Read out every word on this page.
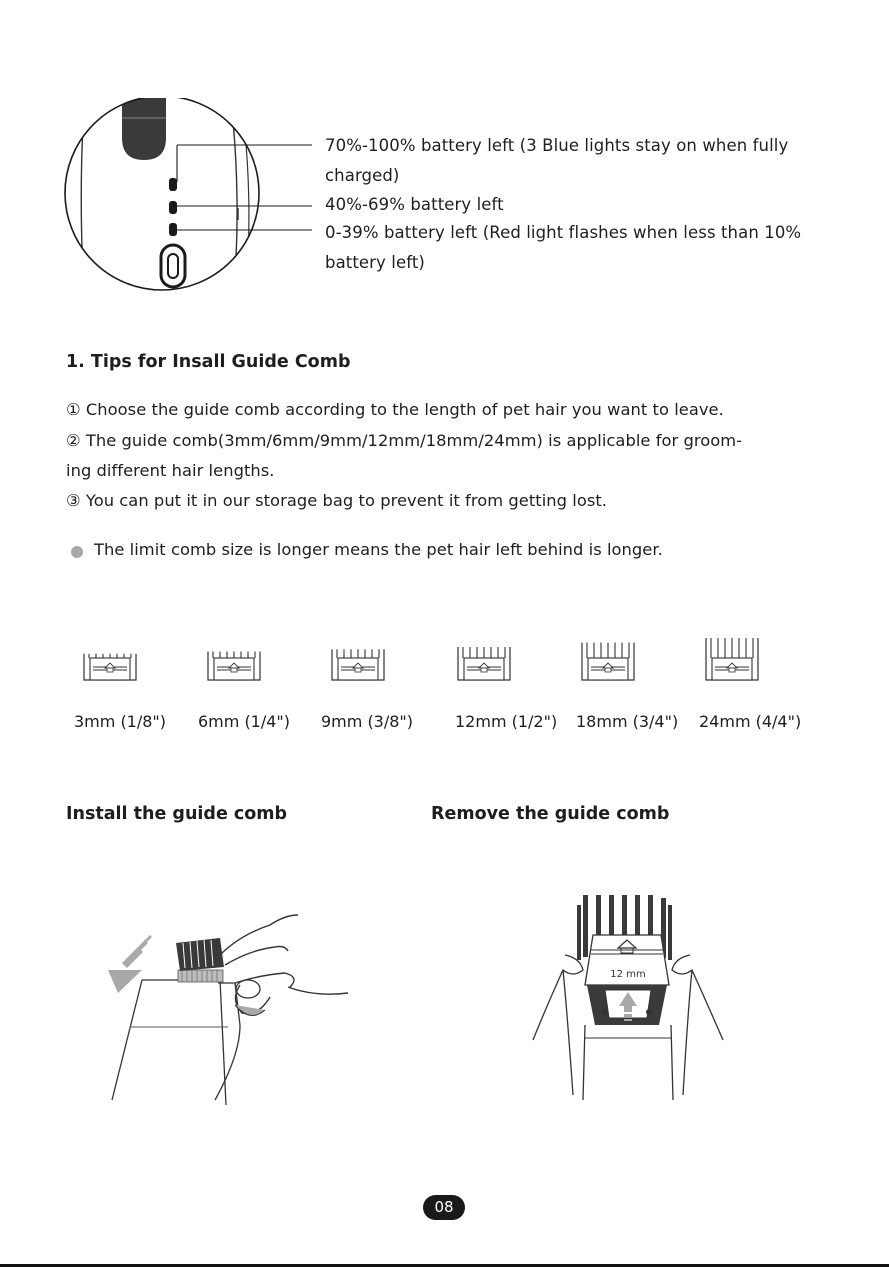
70%-100% battery left (3 Blue lights stay on when fully charged)
40%-69% battery left
0-39% battery left (Red light flashes when less than 10% battery left)
1. Tips for Insall Guide Comb
① Choose the guide comb according to the length of pet hair you want to leave.
② The guide comb(3mm/6mm/9mm/12mm/18mm/24mm) is applicable for groom-
ing different hair lengths.
③ You can put it in our storage bag to prevent it from getting lost.
The limit comb size is longer means the pet hair left behind is longer.
3mm (1/8") 6mm (1/4") 9mm (3/8")	12mm (1/2") 18mm (3/4") 24mm (4/4")
Install the guide comb	Remove the guide comb
12 mm
08
